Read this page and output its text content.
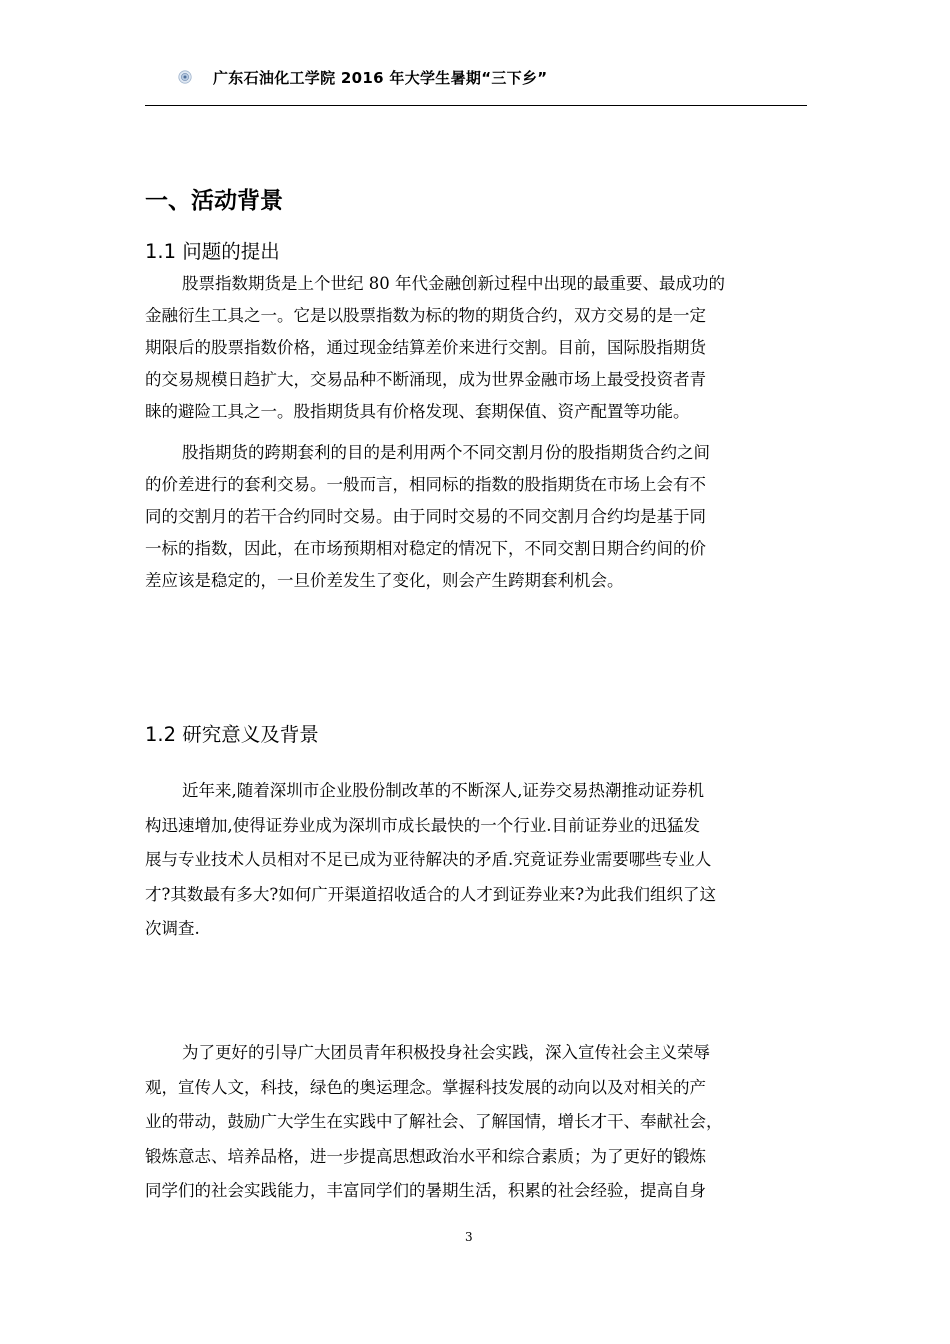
广东石油化工学院 2016 年大学生暑期“三下乡”
一、活动背景
1.1 问题的提出
股票指数期货是上个世纪 80 年代金融创新过程中出现的最重要、最成功的
金融衍生工具之一。它是以股票指数为标的物的期货合约，双方交易的是一定
期限后的股票指数价格，通过现金结算差价来进行交割。目前，国际股指期货
的交易规模日趋扩大，交易品种不断涌现，成为世界金融市场上最受投资者青
睐的避险工具之一。股指期货具有价格发现、套期保值、资产配置等功能。
股指期货的跨期套利的目的是利用两个不同交割月份的股指期货合约之间
的价差进行的套利交易。一般而言，相同标的指数的股指期货在市场上会有不
同的交割月的若干合约同时交易。由于同时交易的不同交割月合约均是基于同
一标的指数，因此，在市场预期相对稳定的情况下，不同交割日期合约间的价
差应该是稳定的，一旦价差发生了变化，则会产生跨期套利机会。
1.2 研究意义及背景
近年来,随着深圳市企业股份制改革的不断深人,证券交易热潮推动证券机
构迅速增加,使得证券业成为深圳市成长最快的一个行业.目前证券业的迅猛发
展与专业技术人员相对不足已成为亚待解决的矛盾.究竟证券业需要哪些专业人
才?其数最有多大?如何广开渠道招收适合的人才到证券业来?为此我们组织了这
次调查.
为了更好的引导广大团员青年积极投身社会实践，深入宣传社会主义荣辱
观，宣传人文，科技，绿色的奥运理念。掌握科技发展的动向以及对相关的产
业的带动，鼓励广大学生在实践中了解社会、了解国情，增长才干、奉献社会，
锻炼意志、培养品格，进一步提高思想政治水平和综合素质；为了更好的锻炼
同学们的社会实践能力，丰富同学们的暑期生活，积累的社会经验，提高自身
3
